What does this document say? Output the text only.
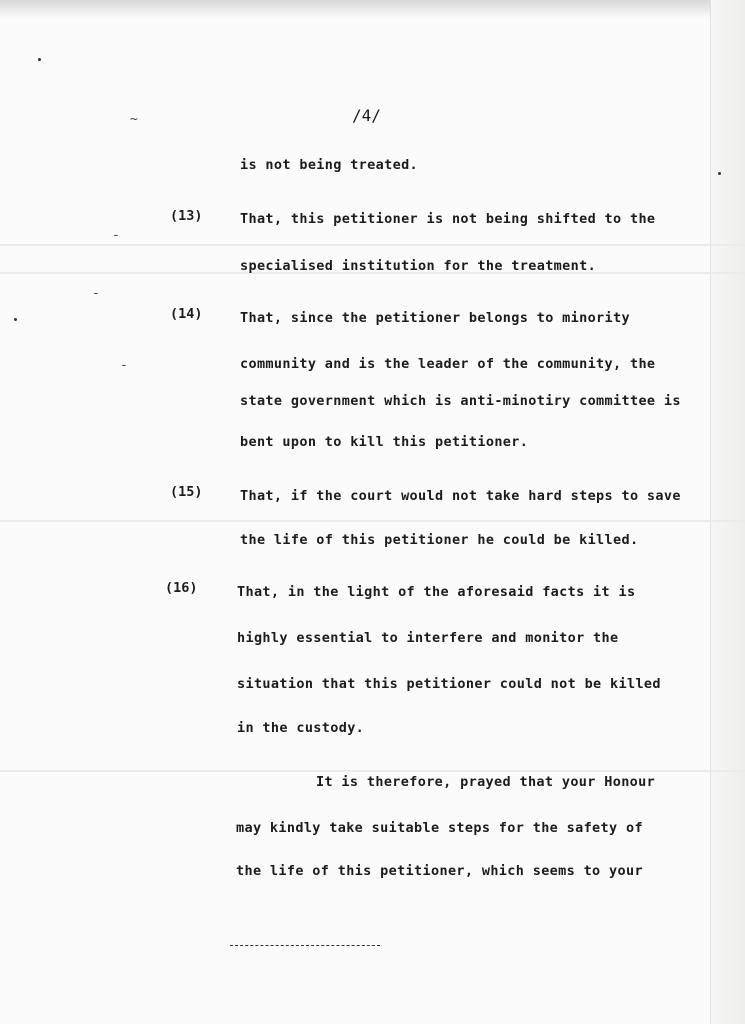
~
-
-
-
/4/
is not being treated.
(13)	That, this petitioner is not being shifted to the
specialised institution for the treatment.
(14)	That, since the petitioner belongs to minority
community and is the leader of the community, the
state government which is anti-minotiry committee is
bent upon to kill this petitioner.
(15)	That, if the court would not take hard steps to save
the life of this petitioner he could be killed.
(16)	That, in the light of the aforesaid facts it is
highly essential to interfere and monitor the
situation that this petitioner could not be killed
in the custody.
It is therefore, prayed that your Honour
may kindly take suitable steps for the safety of
the life of this petitioner, which seems to your
